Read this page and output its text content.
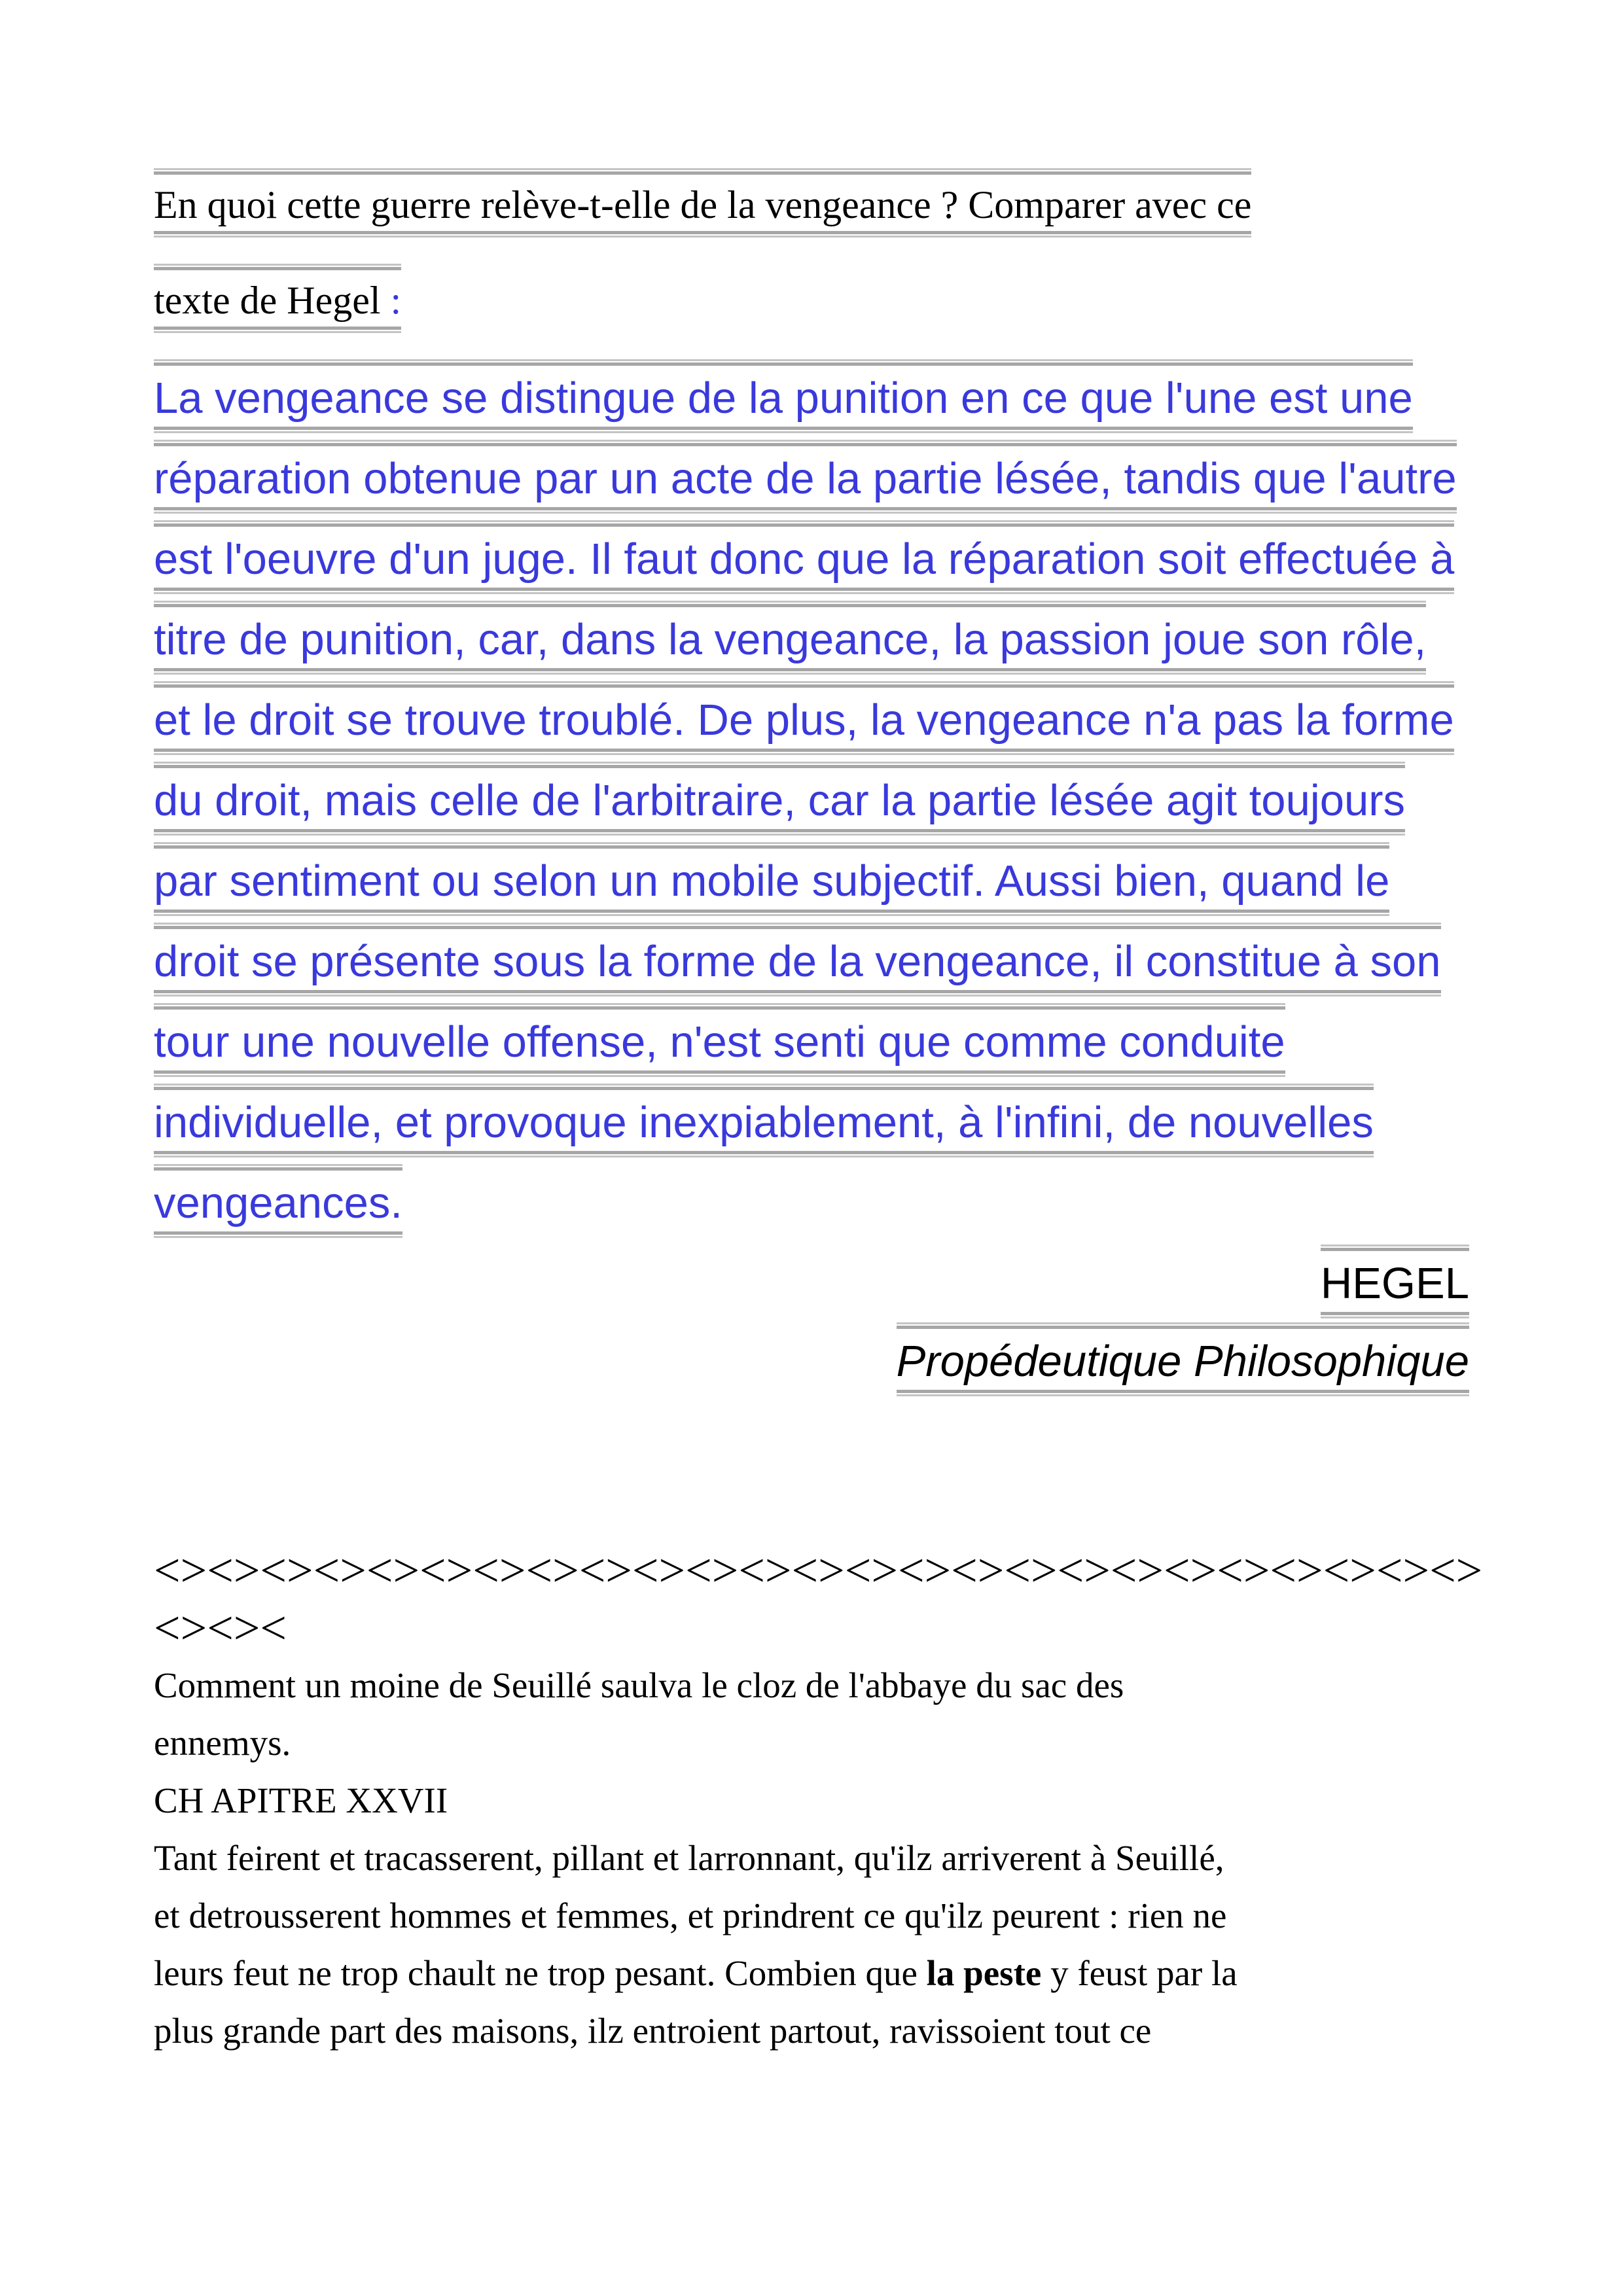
En quoi cette guerre relève-t-elle de la vengeance ? Comparer avec ce
texte de Hegel :
La vengeance se distingue de la punition en ce que l'une est une
réparation obtenue par un acte de la partie lésée, tandis que l'autre
est l'oeuvre d'un juge. Il faut donc que la réparation soit effectuée à
titre de punition, car, dans la vengeance, la passion joue son rôle,
et le droit se trouve troublé. De plus, la vengeance n'a pas la forme
du droit, mais celle de l'arbitraire, car la partie lésée agit toujours
par sentiment ou selon un mobile subjectif. Aussi bien, quand le
droit se présente sous la forme de la vengeance, il constitue à son
tour une nouvelle offense, n'est senti que comme conduite
individuelle, et provoque inexpiablement, à l'infini, de nouvelles
vengeances.
HEGEL
Propédeutique Philosophique
<><><><><><><><><><><><><><><><><><><><><><><><><>
<><><
Comment un moine de Seuillé saulva le cloz de l'abbaye du sac des
ennemys.
CH APITRE XXVII
Tant feirent et tracasserent, pillant et larronnant, qu'ilz arriverent à Seuillé,
et detrousserent hommes et femmes, et prindrent ce qu'ilz peurent : rien ne
leurs feut ne trop chault ne trop pesant. Combien que la peste y feust par la
plus grande part des maisons, ilz entroient partout, ravissoient tout ce
